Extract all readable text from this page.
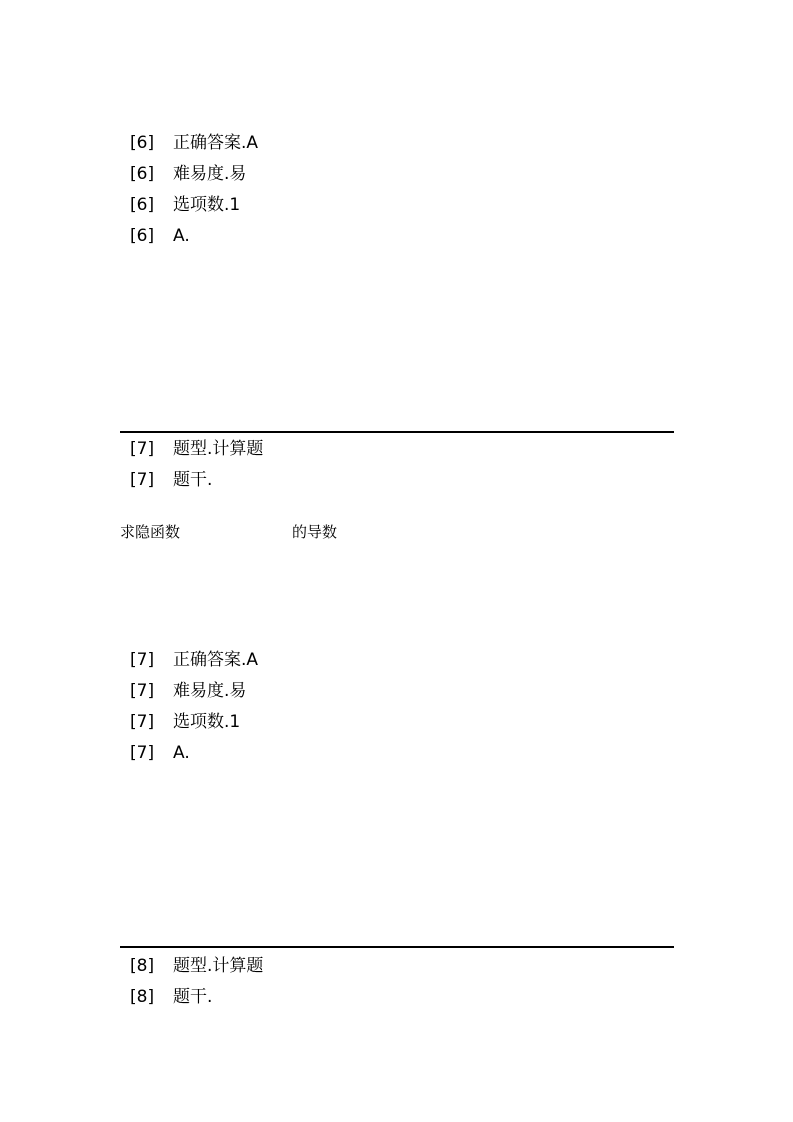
[6] 正确答案.A
[6] 难易度.易
[6] 选项数.1
[6] A.
[7] 题型.计算题
[7] 题干.
求隐函数	的导数
[7] 正确答案.A
[7] 难易度.易
[7] 选项数.1
[7] A.
[8] 题型.计算题
[8] 题干.
